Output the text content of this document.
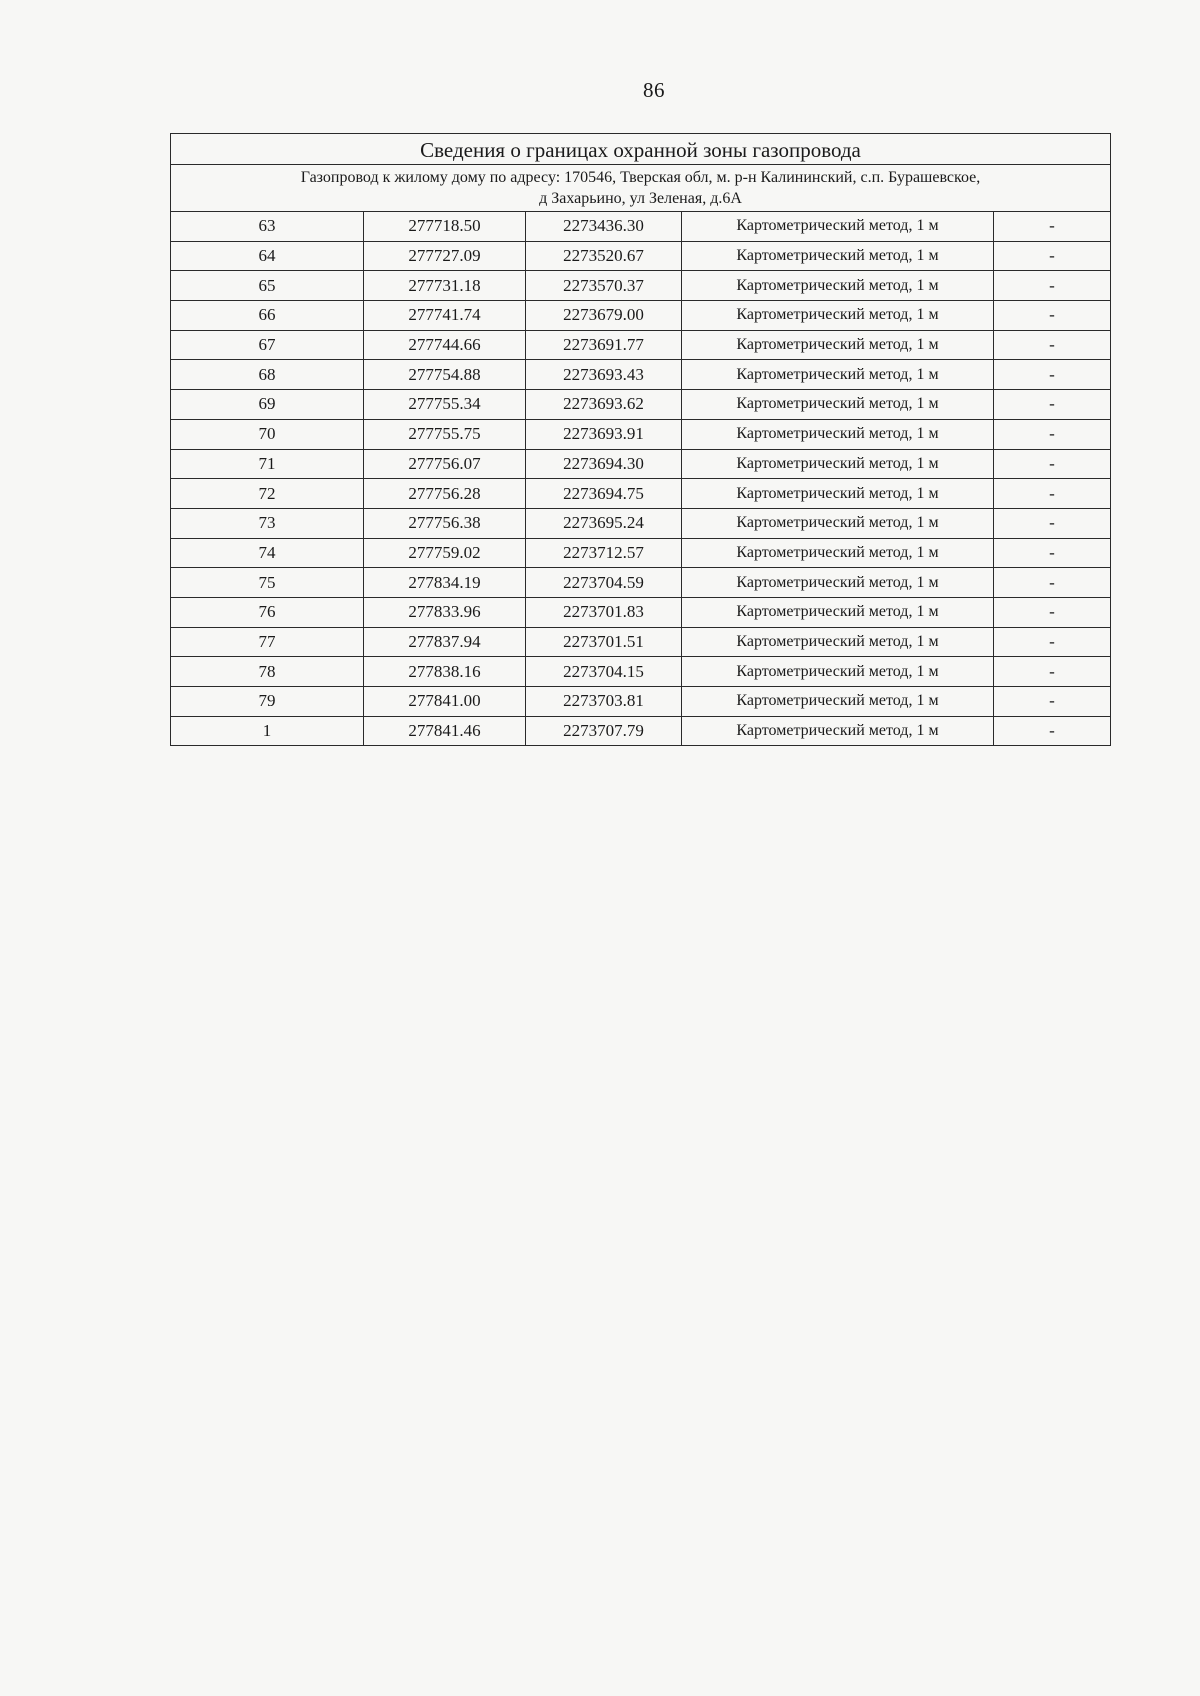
86
Сведения о границах охранной зоны газопровода				
Газопровод к жилому дому по адресу: 170546, Тверская обл, м. р-н Калининский, с.п. Бурашевское,
д Захарьино, ул Зеленая, д.6А				
63	277718.50	2273436.30	Картометрический метод, 1 м	-
64	277727.09	2273520.67	Картометрический метод, 1 м	-
65	277731.18	2273570.37	Картометрический метод, 1 м	-
66	277741.74	2273679.00	Картометрический метод, 1 м	-
67	277744.66	2273691.77	Картометрический метод, 1 м	-
68	277754.88	2273693.43	Картометрический метод, 1 м	-
69	277755.34	2273693.62	Картометрический метод, 1 м	-
70	277755.75	2273693.91	Картометрический метод, 1 м	-
71	277756.07	2273694.30	Картометрический метод, 1 м	-
72	277756.28	2273694.75	Картометрический метод, 1 м	-
73	277756.38	2273695.24	Картометрический метод, 1 м	-
74	277759.02	2273712.57	Картометрический метод, 1 м	-
75	277834.19	2273704.59	Картометрический метод, 1 м	-
76	277833.96	2273701.83	Картометрический метод, 1 м	-
77	277837.94	2273701.51	Картометрический метод, 1 м	-
78	277838.16	2273704.15	Картометрический метод, 1 м	-
79	277841.00	2273703.81	Картометрический метод, 1 м	-
1	277841.46	2273707.79	Картометрический метод, 1 м	-
